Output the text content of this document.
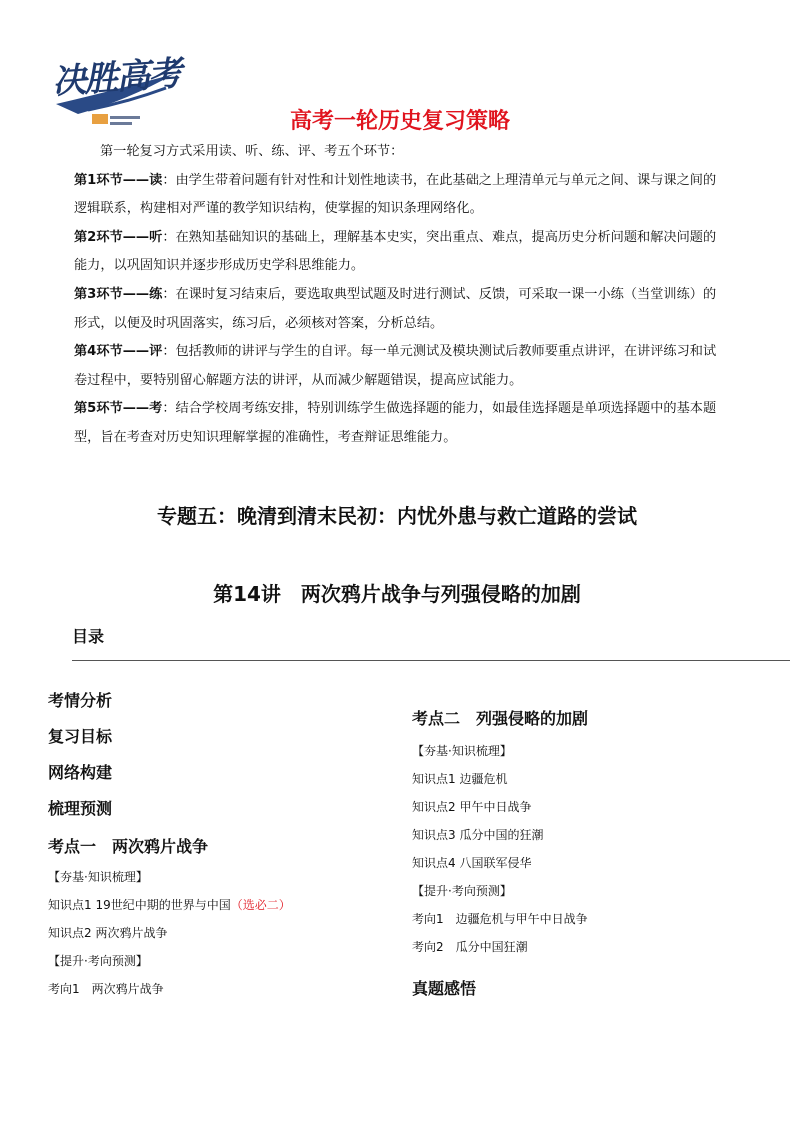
决胜高考
高考一轮历史复习策略

第一轮复习方式采用读、听、练、评、考五个环节：

第1环节——读：由学生带着问题有针对性和计划性地读书，在此基础之上理清单元与单元之间、课与课之间的逻辑联系，构建相对严谨的教学知识结构，使掌握的知识条理网络化。

第2环节——听：在熟知基础知识的基础上，理解基本史实，突出重点、难点，提高历史分析问题和解决问题的能力，以巩固知识并逐步形成历史学科思维能力。

第3环节——练：在课时复习结束后，要选取典型试题及时进行测试、反馈，可采取一课一小练（当堂训练）的形式，以便及时巩固落实，练习后，必须核对答案，分析总结。

第4环节——评：包括教师的讲评与学生的自评。每一单元测试及模块测试后教师要重点讲评，在讲评练习和试卷过程中，要特别留心解题方法的讲评，从而减少解题错误，提高应试能力。

第5环节——考：结合学校周考练安排，特别训练学生做选择题的能力，如最佳选择题是单项选择题中的基本题型，旨在考查对历史知识理解掌握的准确性，考查辩证思维能力。

专题五：晚清到清末民初：内忧外患与救亡道路的尝试
第14讲　两次鸦片战争与列强侵略的加剧
目录
考情分析
复习目标
网络构建
梳理预测
考点一　两次鸦片战争
【夯基·知识梳理】
知识点1 19世纪中期的世界与中国（选必二）
知识点2 两次鸦片战争
【提升·考向预测】
考向1　两次鸦片战争
考点二　列强侵略的加剧
【夯基·知识梳理】
知识点1 边疆危机
知识点2 甲午中日战争
知识点3 瓜分中国的狂潮
知识点4 八国联军侵华
【提升·考向预测】
考向1　边疆危机与甲午中日战争
考向2　瓜分中国狂潮
真题感悟
